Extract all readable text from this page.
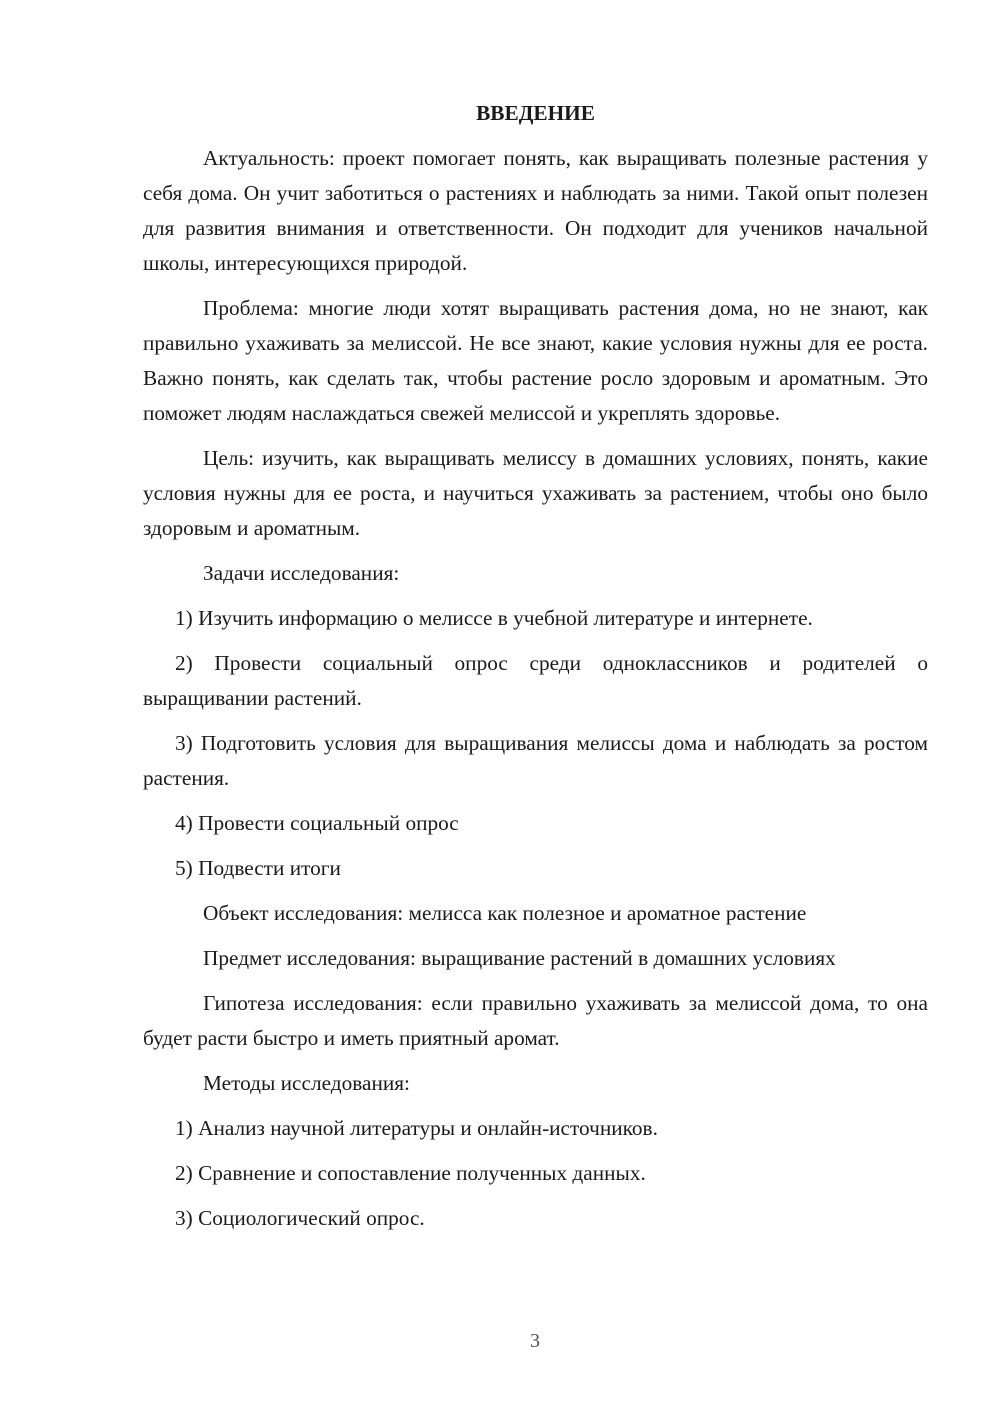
ВВЕДЕНИЕ

Актуальность: проект помогает понять, как выращивать полезные растения у себя дома. Он учит заботиться о растениях и наблюдать за ними. Такой опыт полезен для развития внимания и ответственности. Он подходит для учеников начальной школы, интересующихся природой.

Проблема: многие люди хотят выращивать растения дома, но не знают, как правильно ухаживать за мелиссой. Не все знают, какие условия нужны для ее роста. Важно понять, как сделать так, чтобы растение росло здоровым и ароматным. Это поможет людям наслаждаться свежей мелиссой и укреплять здоровье.

Цель: изучить, как выращивать мелиссу в домашних условиях, понять, какие условия нужны для ее роста, и научиться ухаживать за растением, чтобы оно было здоровым и ароматным.

Задачи исследования:

1) Изучить информацию о мелиссе в учебной литературе и интернете.

2) Провести социальный опрос среди одноклассников и родителей о выращивании растений.

3) Подготовить условия для выращивания мелиссы дома и наблюдать за ростом растения.

4) Провести социальный опрос

5) Подвести итоги

Объект исследования: мелисса как полезное и ароматное растение

Предмет исследования: выращивание растений в домашних условиях

Гипотеза исследования: если правильно ухаживать за мелиссой дома, то она будет расти быстро и иметь приятный аромат.

Методы исследования:

1) Анализ научной литературы и онлайн-источников.

2) Сравнение и сопоставление полученных данных.

3) Социологический опрос.

3
